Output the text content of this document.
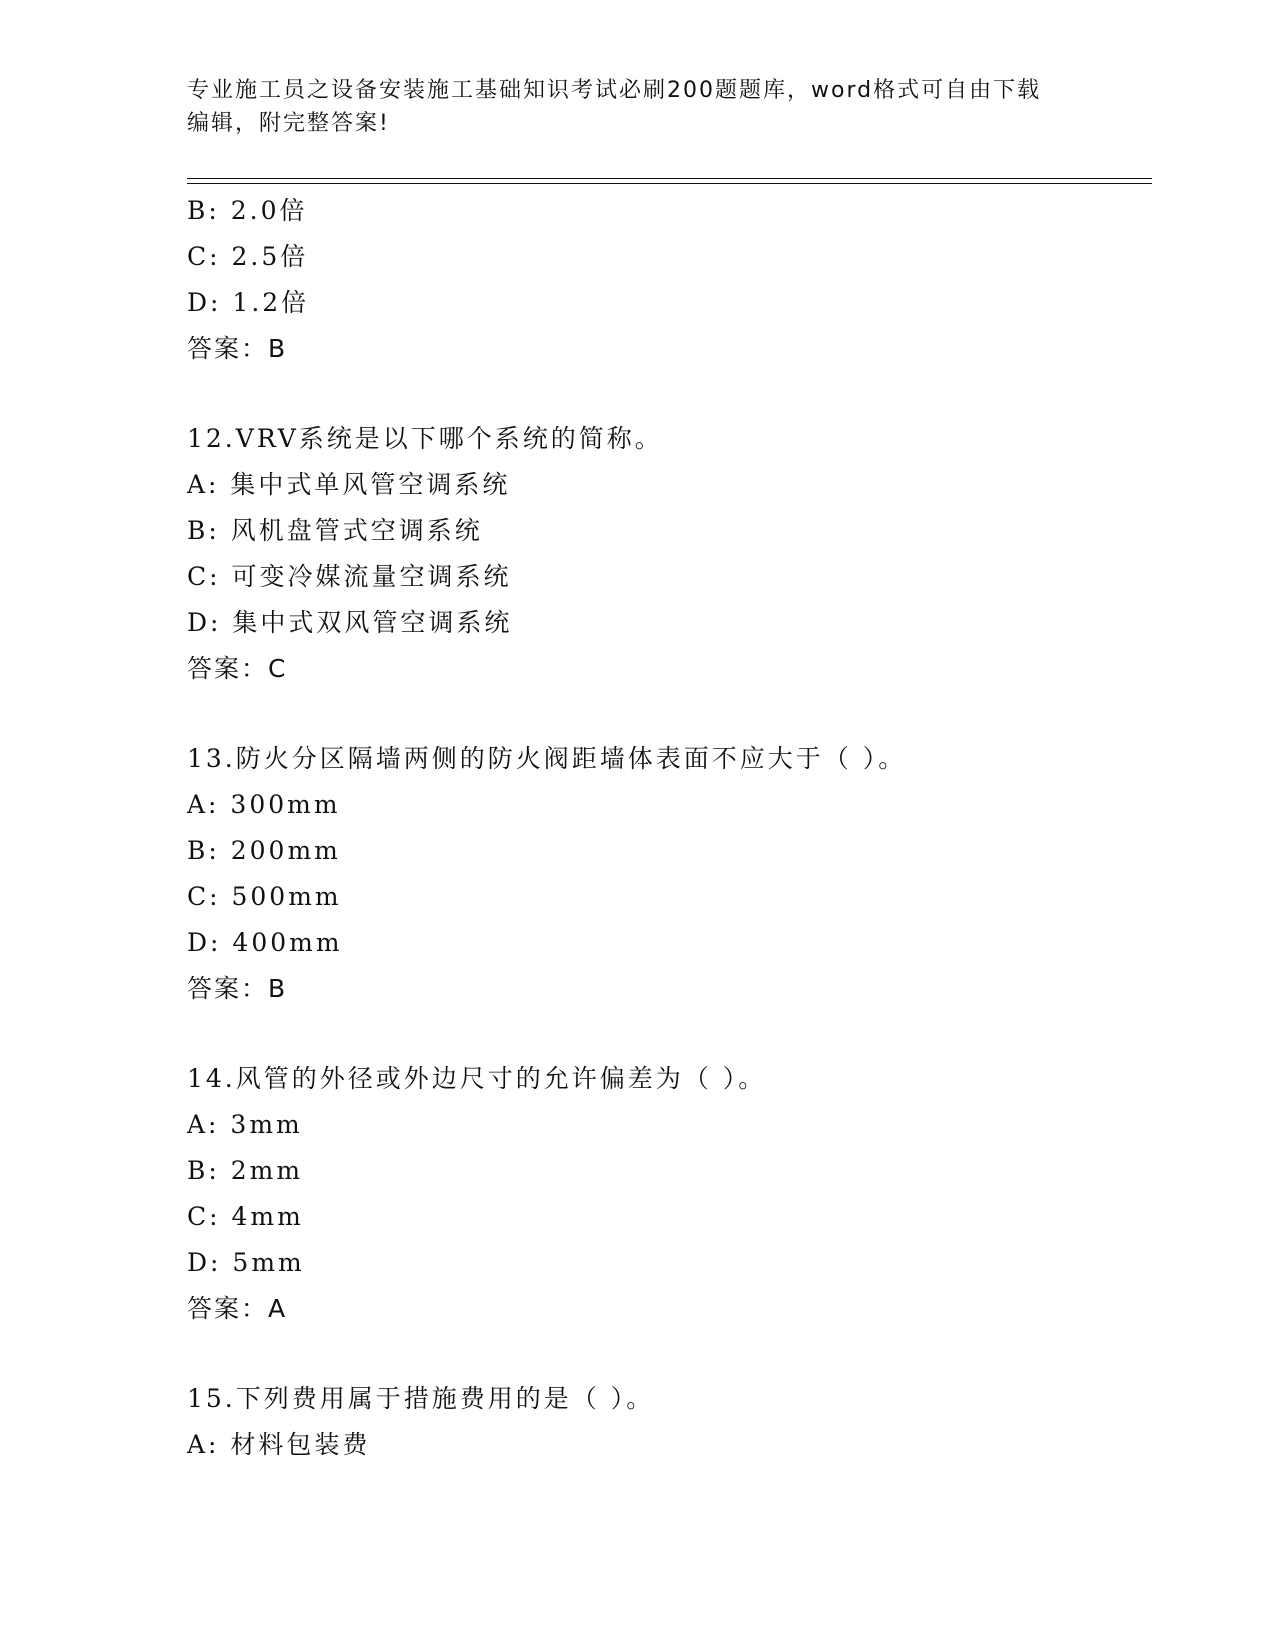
专业施工员之设备安装施工基础知识考试必刷200题题库，word格式可自由下载
编辑，附完整答案!
B: 2.0倍
C: 2.5倍
D: 1.2倍
答案：B
12.VRV系统是以下哪个系统的简称。
A: 集中式单风管空调系统
B: 风机盘管式空调系统
C: 可变冷媒流量空调系统
D: 集中式双风管空调系统
答案：C
13.防火分区隔墙两侧的防火阀距墙体表面不应大于（ ）。
A: 300mm
B: 200mm
C: 500mm
D: 400mm
答案：B
14.风管的外径或外边尺寸的允许偏差为（ ）。
A: 3mm
B: 2mm
C: 4mm
D: 5mm
答案：A
15.下列费用属于措施费用的是（ ）。
A: 材料包装费
